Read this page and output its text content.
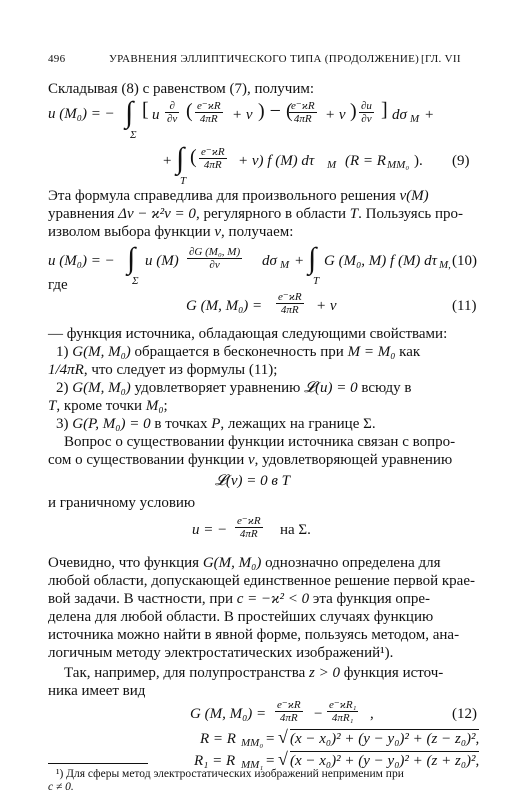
496	УРАВНЕНИЯ ЭЛЛИПТИЧЕСКОГО ТИПА (ПРОДОЛЖЕНИЕ) [ГЛ. VII
Складывая (8) с равенством (7), получим:
u (M₀) = − ∫
Σ
[ u
∂
∂ν ( $\frac{e^-ϰR}{4\pi R} + v$ ) − (
$\frac{e^-ϰR}{4\pi R} + v$ ) $\frac{\partial u}{\partial\nu}$ ] dσ M +
+ ∫
T
( $\frac{e^-ϰR}{4\pi R} + v$) f (M) dτ M (R = R MM₀ ). (9)
Эта формула справедлива для произвольного решения v(M)
уравнения Δv − ϰ²v = 0, регулярного в области T. Пользуясь про-
изволом выбора функции v, получаем:
u (M₀) = − ∫
Σ
u $(M) \frac{\text{∂G (M₀, M)}}{\partial\nu}$ dσ M + ∫
T
G (M₀, M) f (M) dτ M, (10)
где
G (M, $M_0) = \frac{e^-ϰR}{4\pi R} + v$	(11)
— функция источника, обладающая следующими свойствами:
1) G(M, M₀) обращается в бесконечность при M = M₀ как
1/4πR, что следует из формулы (11);
2) G(M, M₀) удовлетворяет уравнению 𝓛(u) = 0 всюду в
T, кроме точки M₀;
3) G(P, M₀) = 0 в точках P, лежащих на границе Σ.
Вопрос о существовании функции источника связан с вопро-
сом о существовании функции v, удовлетворяющей уравнению
𝓛(v) = 0 в T
и граничному условию
u = − $\frac{e^-ϰR}{4\pi R}$ на Σ.
Очевидно, что функция G(M, M₀) однозначно определена для
любой области, допускающей единственное решение первой крае-
вой задачи. В частности, при c = −ϰ² < 0 эта функция опре-
делена для любой области. В простейших случаях функцию
источника можно найти в явной форме, пользуясь методом, ана-
логичным методу электростатических изображений¹).
Так, например, для полупространства z > 0 функция источ-
ника имеет вид
G (M, $M_0) = \frac{e^-ϰR}{4\pi R} - \frac{\text{e⁻ϰR₁}}{\text{4πR₁}}$ ,	(12)
R = R MM₀ = √ (x − x₀)² + (y − y₀)² + (z − z₀)²,
R₁ = R MM₁ = √ (x − x₀)² + (y − y₀)² + (z + z₀)²,
¹) Для сферы метод электростатических изображений неприменим при
c ≠ 0.
